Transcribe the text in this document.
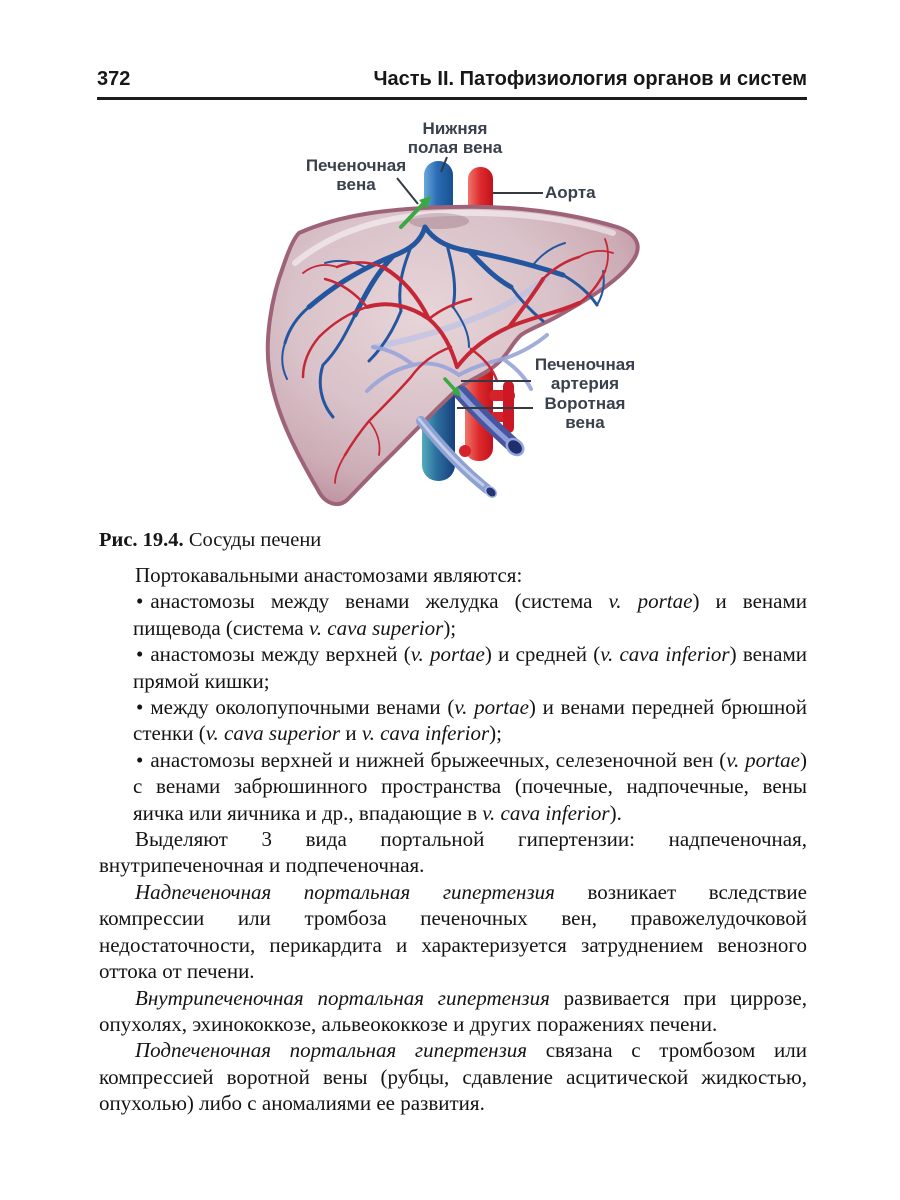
372	Часть II. Патофизиология органов и систем
Нижняя
полая вена
Печеночная
вена	Аорта
Печеночная
артерия
Воротная
вена
Рис. 19.4. Сосуды печени

Портокавальными анастомозами являются:

• анастомозы между венами желудка (система v. portae) и венами пищевода (система v. cava superior);
• анастомозы между верхней (v. portae) и средней (v. cava inferior) венами прямой кишки;
• между околопупочными венами (v. portae) и венами передней брюшной стенки (v. cava superior и v. cava inferior);
• анастомозы верхней и нижней брыжеечных, селезеночной вен (v. portae) с венами забрюшинного пространства (почечные, надпочечные, вены яичка или яичника и др., впадающие в v. cava inferior).

Выделяют 3 вида портальной гипертензии: надпеченочная, внутрипеченочная и подпеченочная.

Надпеченочная портальная гипертензия возникает вследствие компрессии или тромбоза печеночных вен, правожелудочковой недостаточности, перикардита и характеризуется затруднением венозного оттока от печени.

Внутрипеченочная портальная гипертензия развивается при циррозе, опухолях, эхинококкозе, альвеококкозе и других поражениях печени.

Подпеченочная портальная гипертензия связана с тромбозом или компрессией воротной вены (рубцы, сдавление асцитической жидкостью, опухолью) либо с аномалиями ее развития.
